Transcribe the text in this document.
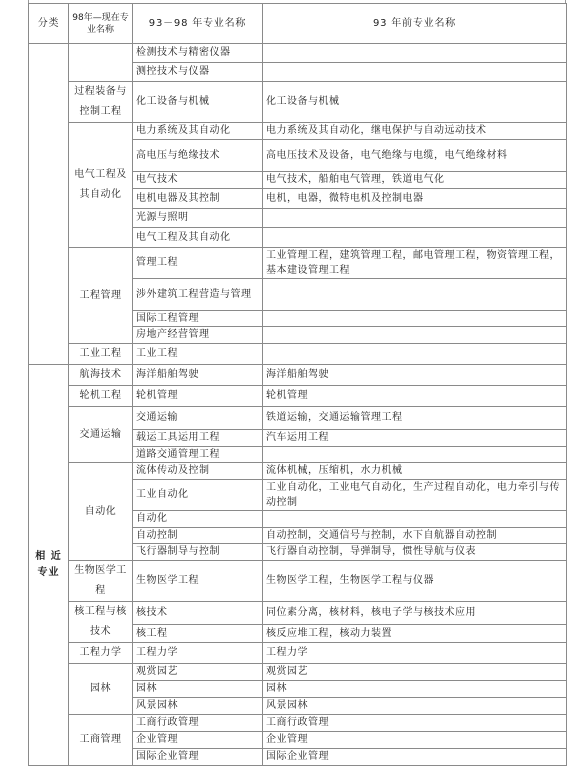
分类	98年—现在专业名称	93－98 年专业名称	93 年前专业名称
		检测技术与精密仪器	
		测控技术与仪器	
	过程装备与控制工程	化工设备与机械	化工设备与机械
	电气工程及其自动化	电力系统及其自动化	电力系统及其自动化，继电保护与自动远动技术
		高电压与绝缘技术	高电压技术及设备，电气绝缘与电缆，电气绝缘材料
		电气技术	电气技术，船舶电气管理，铁道电气化
		电机电器及其控制	电机，电器，微特电机及控制电器
		光源与照明	
		电气工程及其自动化	
	工程管理	管理工程	工业管理工程，建筑管理工程，邮电管理工程，物资管理工程，基本建设管理工程
		涉外建筑工程营造与管理	
		国际工程管理	
		房地产经营管理	
	工业工程	工业工程	
相 近 专业	航海技术	海洋船舶驾驶	海洋船舶驾驶
	轮机工程	轮机管理	轮机管理
	交通运输	交通运输	铁道运输，交通运输管理工程
		载运工具运用工程	汽车运用工程
		道路交通管理工程	
	自动化	流体传动及控制	流体机械，压缩机，水力机械
		工业自动化	工业自动化，工业电气自动化，生产过程自动化，电力牵引与传动控制
		自动化	
		自动控制	自动控制，交通信号与控制，水下自航器自动控制
		飞行器制导与控制	飞行器自动控制，导弹制导，惯性导航与仪表
	生物医学工程	生物医学工程	生物医学工程，生物医学工程与仪器
	核工程与核技术	核技术	同位素分离，核材料，核电子学与核技术应用
		核工程	核反应堆工程，核动力装置
	工程力学	工程力学	工程力学
	园林	观赏园艺	观赏园艺
		园林	园林
		风景园林	风景园林
	工商管理	工商行政管理	工商行政管理
		企业管理	企业管理
		国际企业管理	国际企业管理
